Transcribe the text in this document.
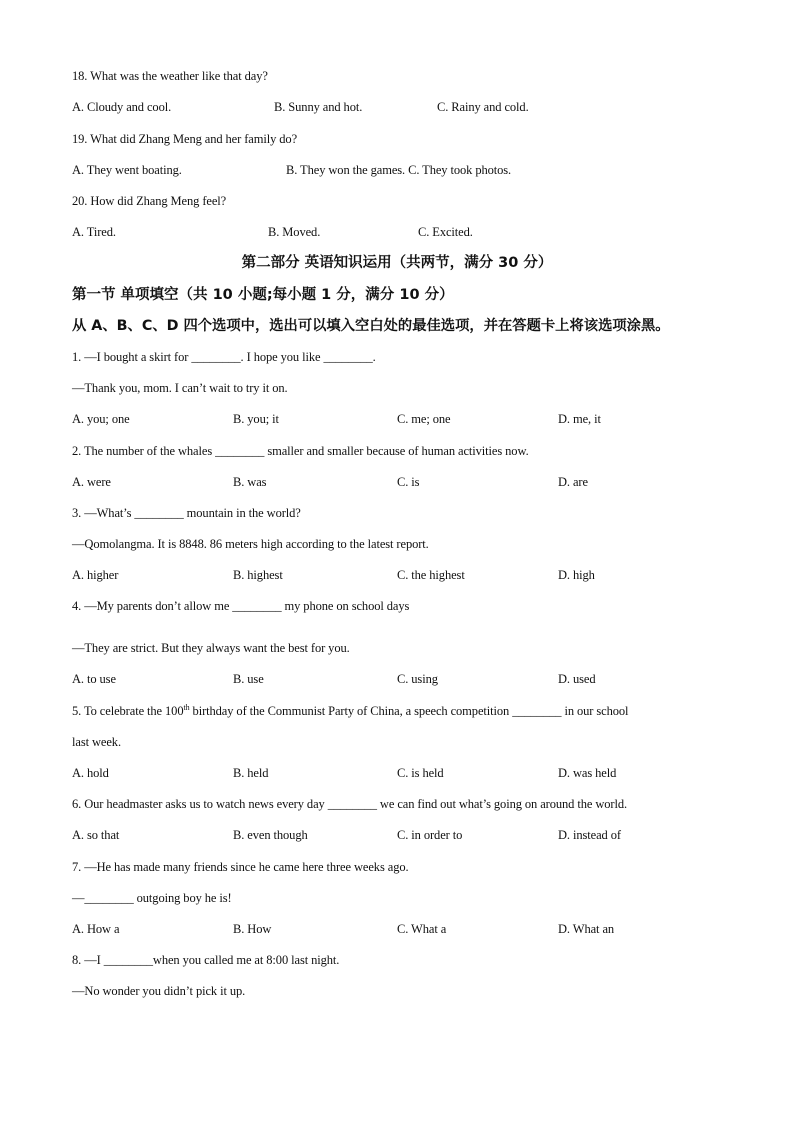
18. What was the weather like that day?
A. Cloudy and cool.	B. Sunny and hot.	C. Rainy and cold.
19. What did Zhang Meng and her family do?
A. They went boating.	B. They won the games. C. They took photos.
20. How did Zhang Meng feel?
A. Tired.	B. Moved.	C. Excited.
第二部分 英语知识运用（共两节，满分 30 分）
第一节 单项填空（共 10 小题;每小题 1 分，满分 10 分）
从 A、B、C、D 四个选项中，选出可以填入空白处的最佳选项，并在答题卡上将该选项涂黑。
1. —I bought a skirt for ________. I hope you like ________.
—Thank you, mom. I can’t wait to try it on.
A. you; one	B. you; it	C. me; one	D. me, it
2. The number of the whales ________ smaller and smaller because of human activities now.
A. were	B. was	C. is	D. are
3. —What’s ________ mountain in the world?
—Qomolangma. It is 8848. 86 meters high according to the latest report.
A. higher	B. highest	C. the highest	D. high
4. —My parents don’t allow me ________ my phone on school days
—They are strict. But they always want the best for you.
A. to use	B. use	C. using	D. used
5. To celebrate the 100th birthday of the Communist Party of China, a speech competition ________ in our school
last week.
A. hold	B. held	C. is held	D. was held
6. Our headmaster asks us to watch news every day ________ we can find out what’s going on around the world.
A. so that	B. even though	C. in order to	D. instead of
7. —He has made many friends since he came here three weeks ago.
—________ outgoing boy he is!
A. How a	B. How	C. What a	D. What an
8. —I ________when you called me at 8:00 last night.
—No wonder you didn’t pick it up.
